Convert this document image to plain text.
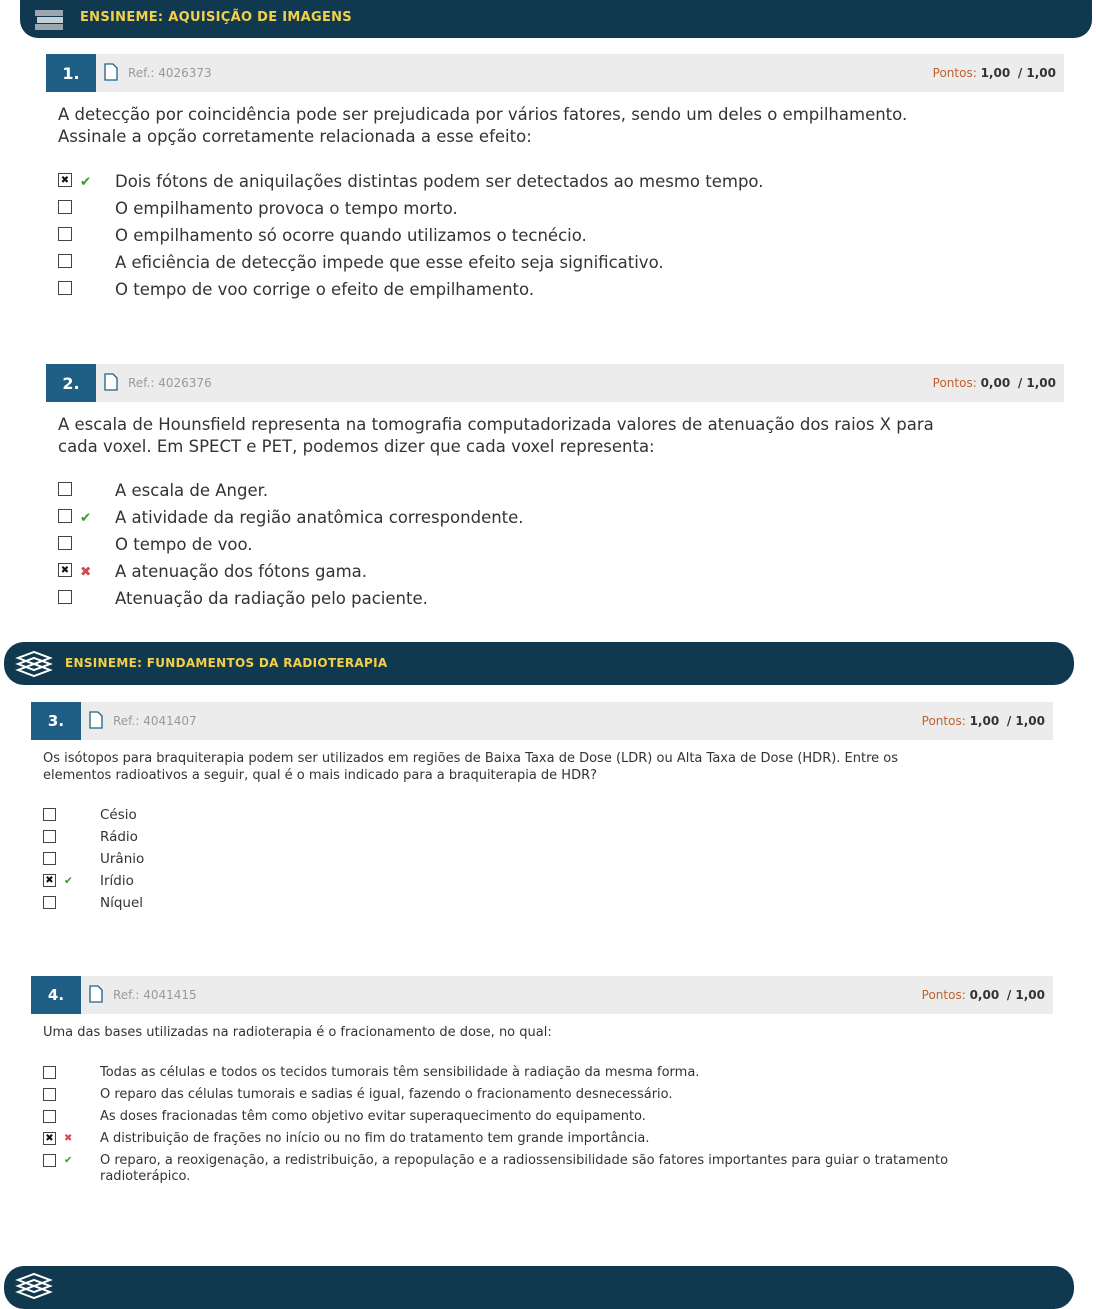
ENSINEME: AQUISIÇÃO DE IMAGENS
1.	Ref.: 4026373	Pontos: 1,00 / 1,00
A detecção por coincidência pode ser prejudicada por vários fatores, sendo um deles o empilhamento.
Assinale a opção corretamente relacionada a esse efeito:
✖
✔ Dois fótons de aniquilações distintas podem ser detectados ao mesmo tempo.
O empilhamento provoca o tempo morto.
O empilhamento só ocorre quando utilizamos o tecnécio.
A eficiência de detecção impede que esse efeito seja significativo.
O tempo de voo corrige o efeito de empilhamento.
2.	Ref.: 4026376	Pontos: 0,00 / 1,00
A escala de Hounsfield representa na tomografia computadorizada valores de atenuação dos raios X para
cada voxel. Em SPECT e PET, podemos dizer que cada voxel representa:
A escala de Anger.
✔ A atividade da região anatômica correspondente.
O tempo de voo.
✖
✖ A atenuação dos fótons gama.
Atenuação da radiação pelo paciente.
ENSINEME: FUNDAMENTOS DA RADIOTERAPIA
3.	Ref.: 4041407	Pontos: 1,00 / 1,00
Os isótopos para braquiterapia podem ser utilizados em regiões de Baixa Taxa de Dose (LDR) ou Alta Taxa de Dose (HDR). Entre os
elementos radioativos a seguir, qual é o mais indicado para a braquiterapia de HDR?
Césio
Rádio
Urânio
✖
✔ Irídio
Níquel
4.	Ref.: 4041415	Pontos: 0,00 / 1,00
Uma das bases utilizadas na radioterapia é o fracionamento de dose, no qual:
Todas as células e todos os tecidos tumorais têm sensibilidade à radiação da mesma forma.
O reparo das células tumorais e sadias é igual, fazendo o fracionamento desnecessário.
As doses fracionadas têm como objetivo evitar superaquecimento do equipamento.
✖
✖ A distribuição de frações no início ou no fim do tratamento tem grande importância.
✔ O reparo, a reoxigenação, a redistribuição, a repopulação e a radiossensibilidade são fatores importantes para guiar o tratamento
radioterápico.
